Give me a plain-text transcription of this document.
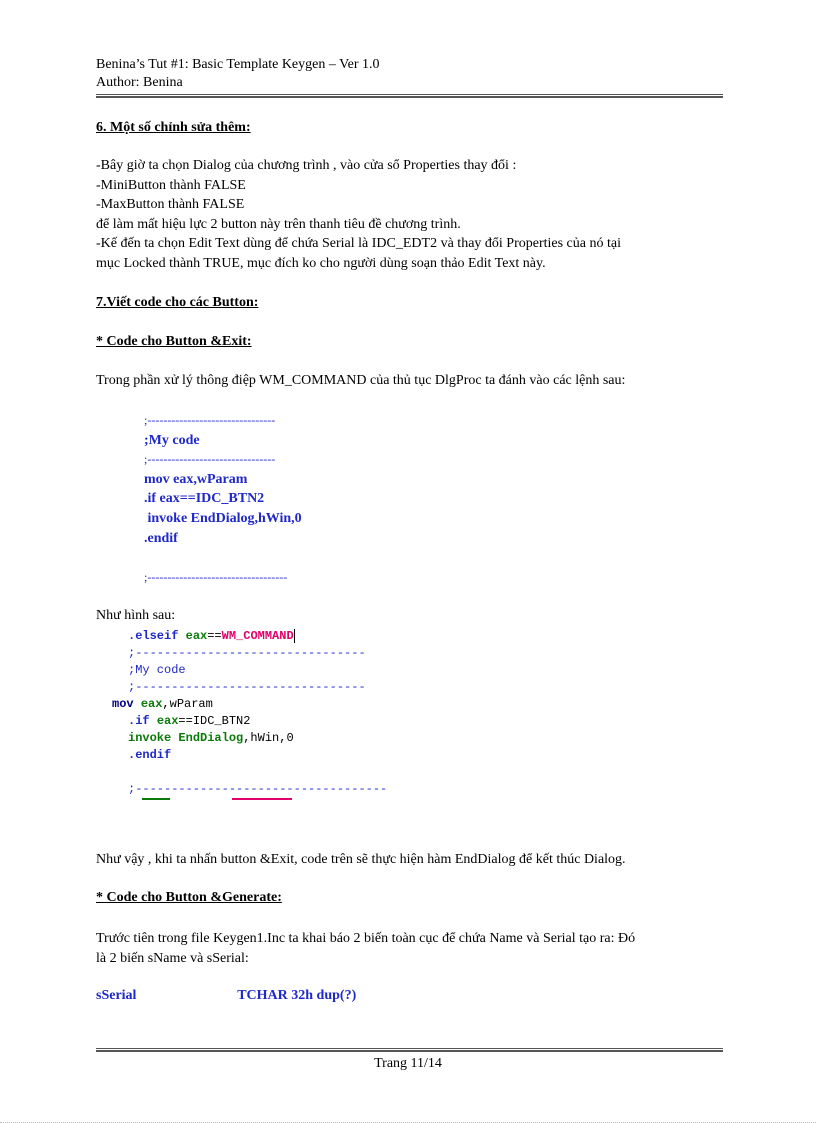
Benina’s Tut #1: Basic Template Keygen – Ver 1.0
Author: Benina
6. Một số chỉnh sửa thêm:
-Bây giờ ta chọn Dialog của chương trình , vào cửa sổ Properties thay đổi :
-MiniButton thành FALSE
-MaxButton thành FALSE
để làm mất hiệu lực 2 button này trên thanh tiêu đề chương trình.
-Kế đến ta chọn Edit Text dùng để chứa Serial là IDC_EDT2 và thay đổi Properties của nó tại
mục Locked thành TRUE, mục đích ko cho người dùng soạn thảo Edit Text này.
7.Viết code cho các Button:
* Code cho Button &Exit:
Trong phần xử lý thông điệp WM_COMMAND của thủ tục DlgProc ta đánh vào các lệnh sau:
;--------------------------------
;My code
;--------------------------------
mov eax,wParam
.if eax==IDC_BTN2
invoke EndDialog,hWin,0
.endif
;-----------------------------------
Như hình sau:
.elseif eax==WM_COMMAND
;--------------------------------
;My code
;--------------------------------
mov eax,wParam
.if eax==IDC_BTN2
invoke EndDialog,hWin,0
.endif

;-----------------------------------

Như vậy , khi ta nhấn button &Exit, code trên sẽ thực hiện hàm EndDialog để kết thúc Dialog.
* Code cho Button &Generate:
Trước tiên trong file Keygen1.Inc ta khai báo 2 biến toàn cục để chứa Name và Serial tạo ra: Đó
là 2 biến sName và sSerial:
sSerial	TCHAR 32h dup(?)
Trang 11/14
